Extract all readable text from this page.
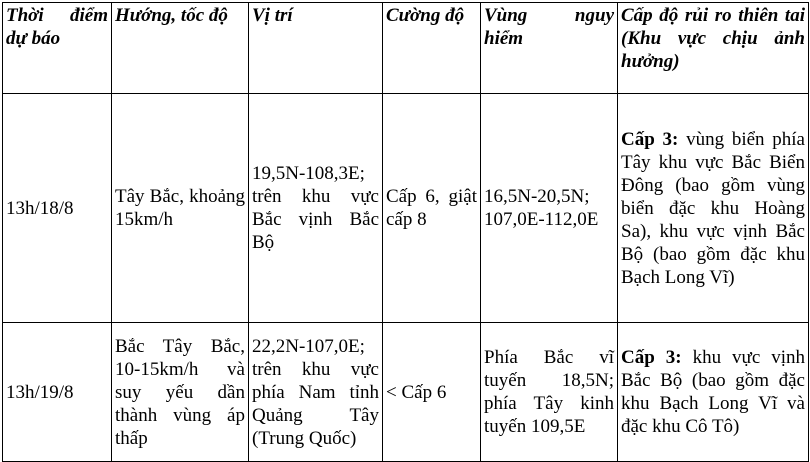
Thời điểm dự báo	Hướng, tốc độ	Vị trí	Cường độ	Vùng nguy hiểm	Cấp độ rủi ro thiên tai (Khu vực chịu ảnh hưởng)
13h/18/8	Tây Bắc, khoảng 15km/h	19,5N-108,3E; trên khu vực Bắc vịnh Bắc Bộ	Cấp 6, giật cấp 8	16,5N-20,5N; 107,0E-112,0E	Cấp 3: vùng biển phía Tây khu vực Bắc Biển Đông (bao gồm vùng biển đặc khu Hoàng Sa), khu vực vịnh Bắc Bộ (bao gồm đặc khu Bạch Long Vĩ)
13h/19/8	Bắc Tây Bắc, 10-15km/h và suy yếu dần thành vùng áp thấp	22,2N-107,0E; trên khu vực phía Nam tỉnh Quảng Tây (Trung Quốc)	< Cấp 6	Phía Bắc vĩ tuyến 18,5N; phía Tây kinh tuyến 109,5E	Cấp 3: khu vực vịnh Bắc Bộ (bao gồm đặc khu Bạch Long Vĩ và đặc khu Cô Tô)
